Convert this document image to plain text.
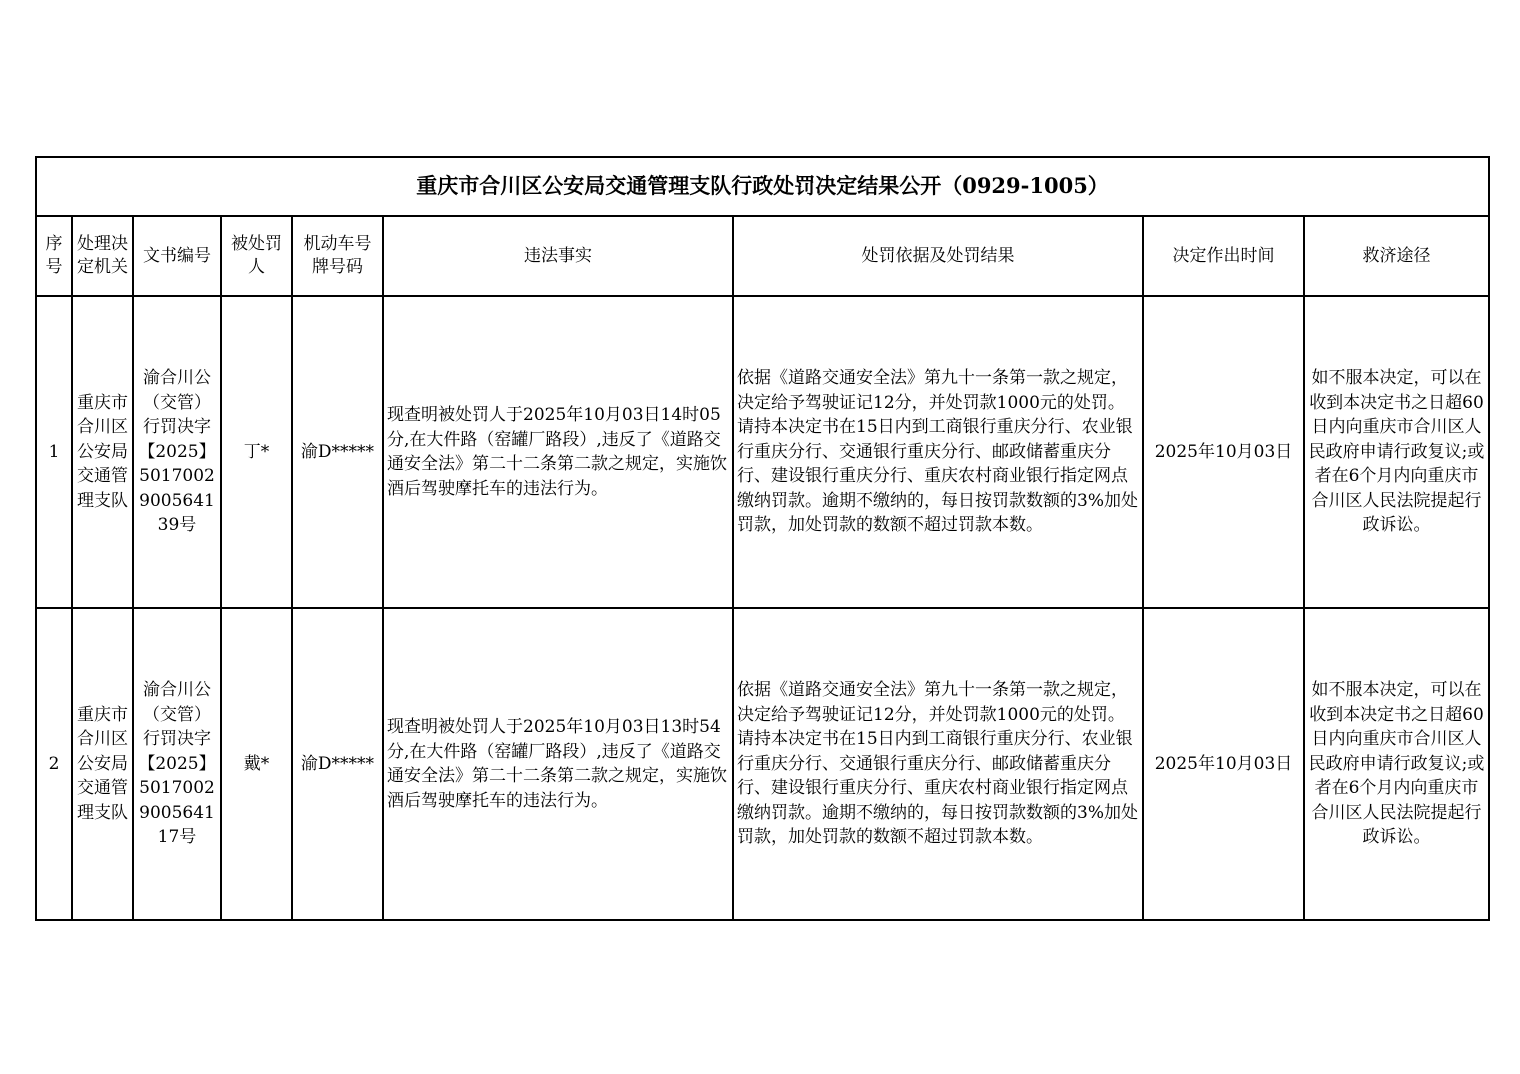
重庆市合川区公安局交通管理支队行政处罚决定结果公开（0929-1005）								
序号	处理决定机关	文书编号	被处罚人	机动车号牌号码	违法事实	处罚依据及处罚结果	决定作出时间	救济途径
1	重庆市合川区公安局交通管理支队	渝合川公（交管）行罚决字【2025】5017002900564139号	丁*	渝D*****	现查明被处罚人于2025年10月03日14时05分,在大件路（窑罐厂路段）,违反了《道路交通安全法》第二十二条第二款之规定，实施饮酒后驾驶摩托车的违法行为。	依据《道路交通安全法》第九十一条第一款之规定，决定给予驾驶证记12分，并处罚款1000元的处罚。请持本决定书在15日内到工商银行重庆分行、农业银行重庆分行、交通银行重庆分行、邮政储蓄重庆分行、建设银行重庆分行、重庆农村商业银行指定网点缴纳罚款。逾期不缴纳的，每日按罚款数额的3%加处罚款，加处罚款的数额不超过罚款本数。	2025年10月03日	如不服本决定，可以在收到本决定书之日超60日内向重庆市合川区人民政府申请行政复议;或者在6个月内向重庆市合川区人民法院提起行政诉讼。
2	重庆市合川区公安局交通管理支队	渝合川公（交管）行罚决字【2025】5017002900564117号	戴*	渝D*****	现查明被处罚人于2025年10月03日13时54分,在大件路（窑罐厂路段）,违反了《道路交通安全法》第二十二条第二款之规定，实施饮酒后驾驶摩托车的违法行为。	依据《道路交通安全法》第九十一条第一款之规定，决定给予驾驶证记12分，并处罚款1000元的处罚。请持本决定书在15日内到工商银行重庆分行、农业银行重庆分行、交通银行重庆分行、邮政储蓄重庆分行、建设银行重庆分行、重庆农村商业银行指定网点缴纳罚款。逾期不缴纳的，每日按罚款数额的3%加处罚款，加处罚款的数额不超过罚款本数。	2025年10月03日	如不服本决定，可以在收到本决定书之日超60日内向重庆市合川区人民政府申请行政复议;或者在6个月内向重庆市合川区人民法院提起行政诉讼。
